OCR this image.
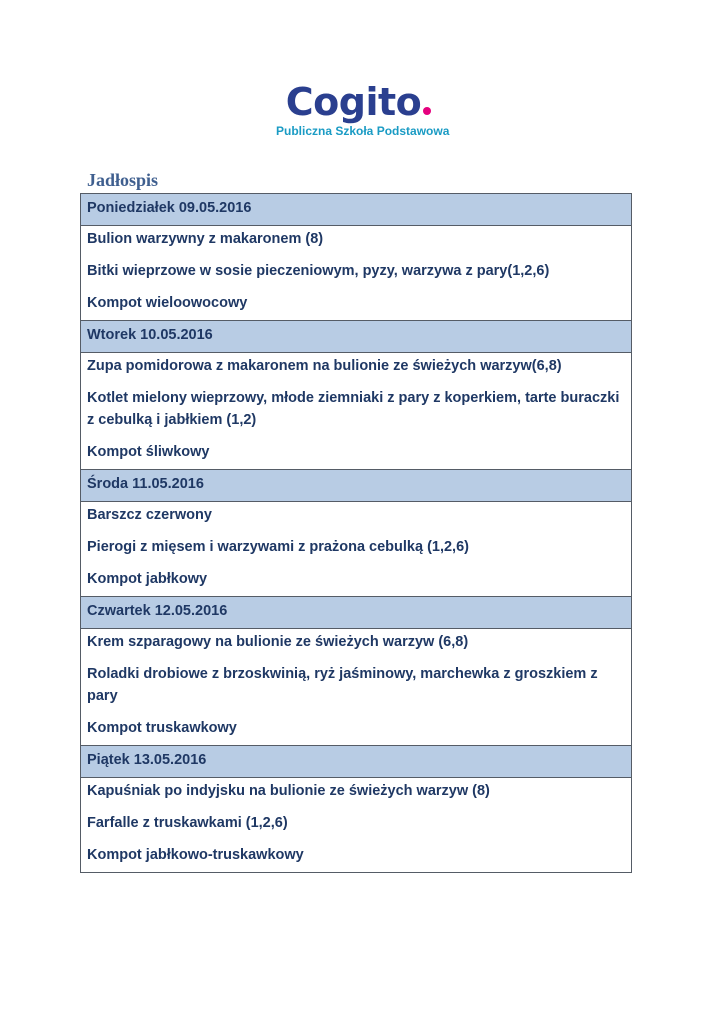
Cogito
Publiczna Szkoła Podstawowa
Jadłospis
Poniedziałek 09.05.2016

Bulion warzywny z makaronem (8)

Bitki wieprzowe w sosie pieczeniowym, pyzy, warzywa z pary(1,2,6)

Kompot wieloowocowy

Wtorek 10.05.2016

Zupa pomidorowa z makaronem na bulionie ze świeżych warzyw(6,8)

Kotlet mielony wieprzowy, młode ziemniaki z pary z koperkiem, tarte buraczki z cebulką i jabłkiem (1,2)

Kompot śliwkowy

Środa 11.05.2016

Barszcz czerwony

Pierogi z mięsem i warzywami z prażona cebulką (1,2,6)

Kompot jabłkowy

Czwartek 12.05.2016

Krem szparagowy na bulionie ze świeżych warzyw (6,8)

Roladki drobiowe z brzoskwinią, ryż jaśminowy, marchewka z groszkiem z pary

Kompot truskawkowy

Piątek 13.05.2016

Kapuśniak po indyjsku na bulionie ze świeżych warzyw (8)

Farfalle z truskawkami (1,2,6)

Kompot jabłkowo-truskawkowy
